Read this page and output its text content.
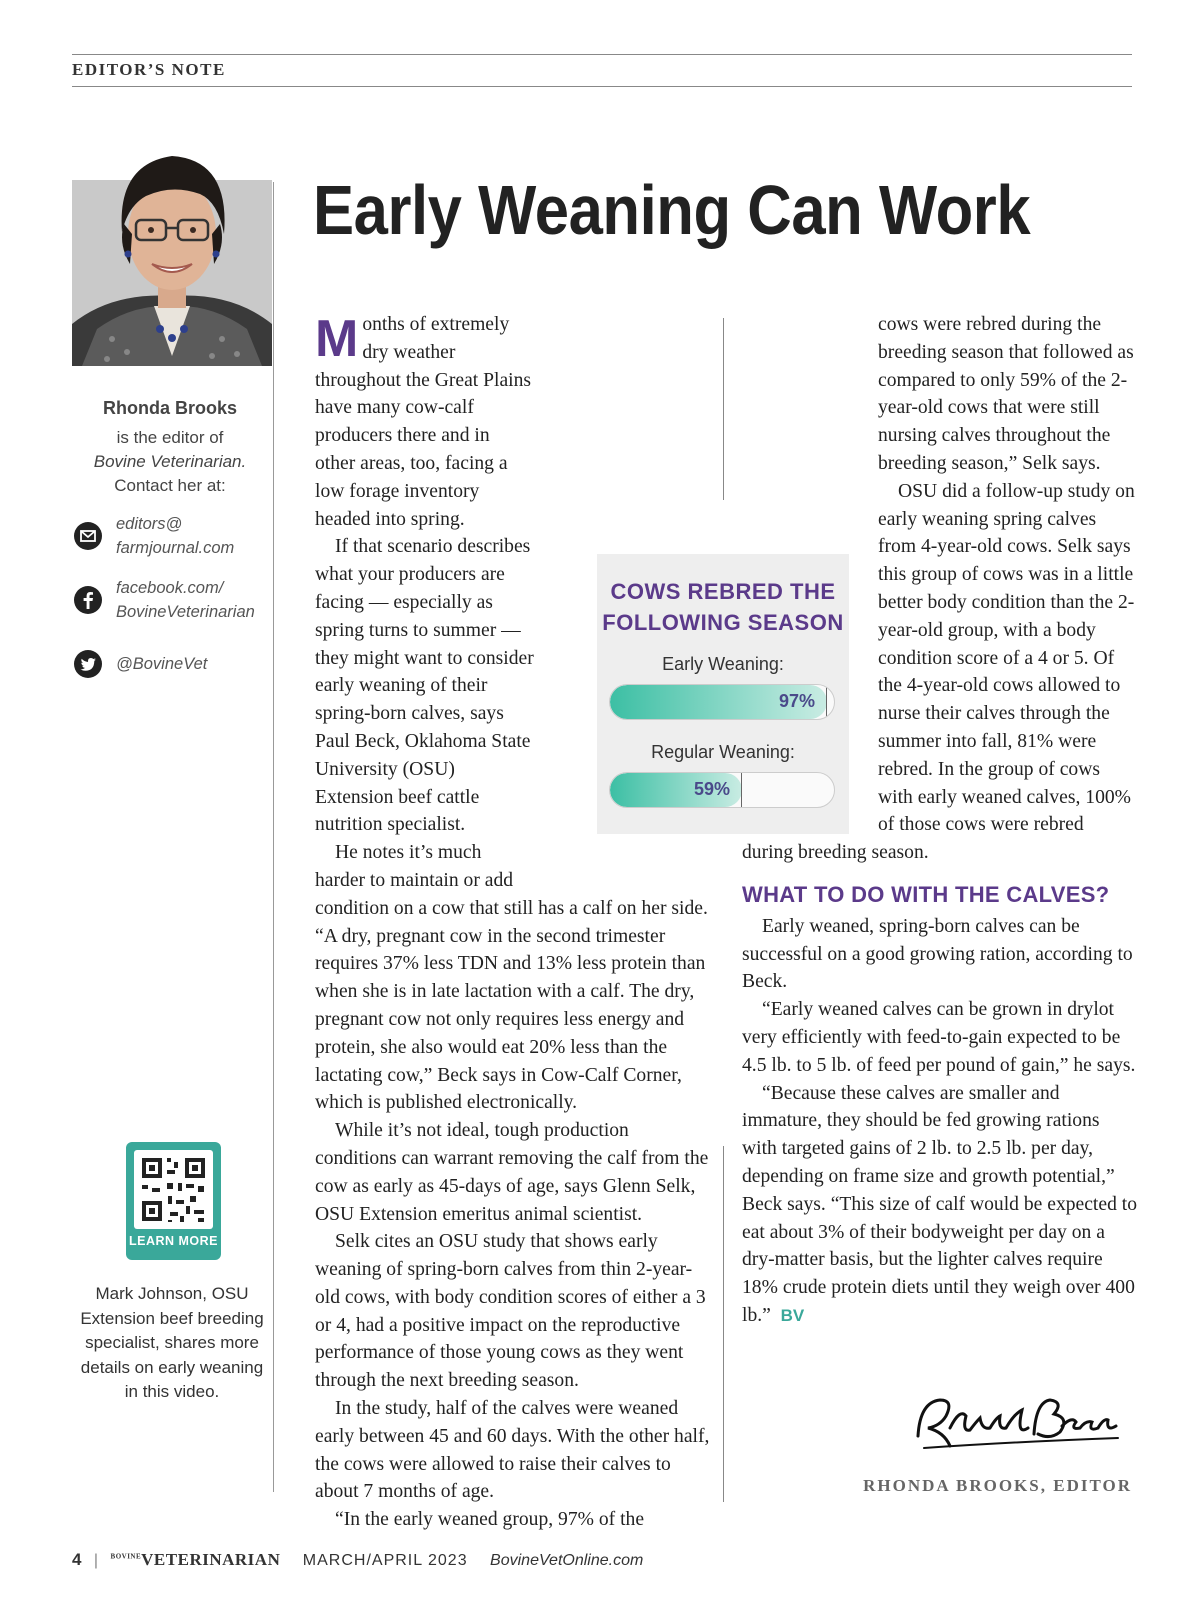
EDITOR’S NOTE
Rhonda Brooks
is the editor of
Bovine Veterinarian.
Contact her at:
editors@
farmjournal.com
facebook.com/
BovineVeterinarian
@BovineVet
LEARN MORE
Mark Johnson, OSU Extension beef breeding specialist, shares more details on early weaning in this video.
Early Weaning Can Work

Months of extremely dry weather throughout the Great Plains have many cow-calf producers there and in other areas, too, facing a low forage inventory headed into spring.

If that scenario describes what your producers are facing — especially as spring turns to summer — they might want to consider early weaning of their spring-born calves, says Paul Beck, Oklahoma State University (OSU) Extension beef cattle nutrition specialist.

He notes it’s much harder to maintain or add condition on a cow that still has a calf on her side. “A dry, pregnant cow in the second trimester requires 37% less TDN and 13% less protein than when she is in late lactation with a calf. The dry, pregnant cow not only requires less energy and protein, she also would eat 20% less than the lactating cow,” Beck says in Cow-Calf Corner, which is published electronically.

While it’s not ideal, tough production conditions can warrant removing the calf from the cow as early as 45-days of age, says Glenn Selk, OSU Extension emeritus animal scientist.

Selk cites an OSU study that shows early weaning of spring-born calves from thin 2-year-old cows, with body condition scores of either a 3 or 4, had a positive impact on the reproductive performance of those young cows as they went through the next breeding season.

In the study, half of the calves were weaned early between 45 and 60 days. With the other half, the cows were allowed to raise their calves to about 7 months of age.

“In the early weaned group, 97% of the

cows were rebred during the breeding season that followed as compared to only 59% of the 2-year-old cows that were still nursing calves throughout the breeding season,” Selk says.

OSU did a follow-up study on early weaning spring calves from 4-year-old cows. Selk says this group of cows was in a little better body condition than the 2-year-old group, with a body condition score of a 4 or 5. Of the 4-year-old cows allowed to nurse their calves through the summer into fall, 81% were rebred. In the group of cows with early weaned calves, 100% of those cows were rebred during breeding season.

WHAT TO DO WITH THE CALVES?

Early weaned, spring-born calves can be successful on a good growing ration, according to Beck.

“Early weaned calves can be grown in drylot very efficiently with feed-to-gain expected to be 4.5 lb. to 5 lb. of feed per pound of gain,” he says.

“Because these calves are smaller and immature, they should be fed growing rations with targeted gains of 2 lb. to 2.5 lb. per day, depending on frame size and growth potential,” Beck says. “This size of calf would be expected to eat about 3% of their bodyweight per day on a dry-matter basis, but the lighter calves require 18% crude protein diets until they weigh over 400 lb.” BV

COWS REBRED THE
FOLLOWING SEASON
Early Weaning:
97%
Regular Weaning:
59%
RHONDA BROOKS, EDITOR
4 | $^{BOVINE}$VETERINARIAN MARCH/APRIL 2023 BovineVetOnline.com
